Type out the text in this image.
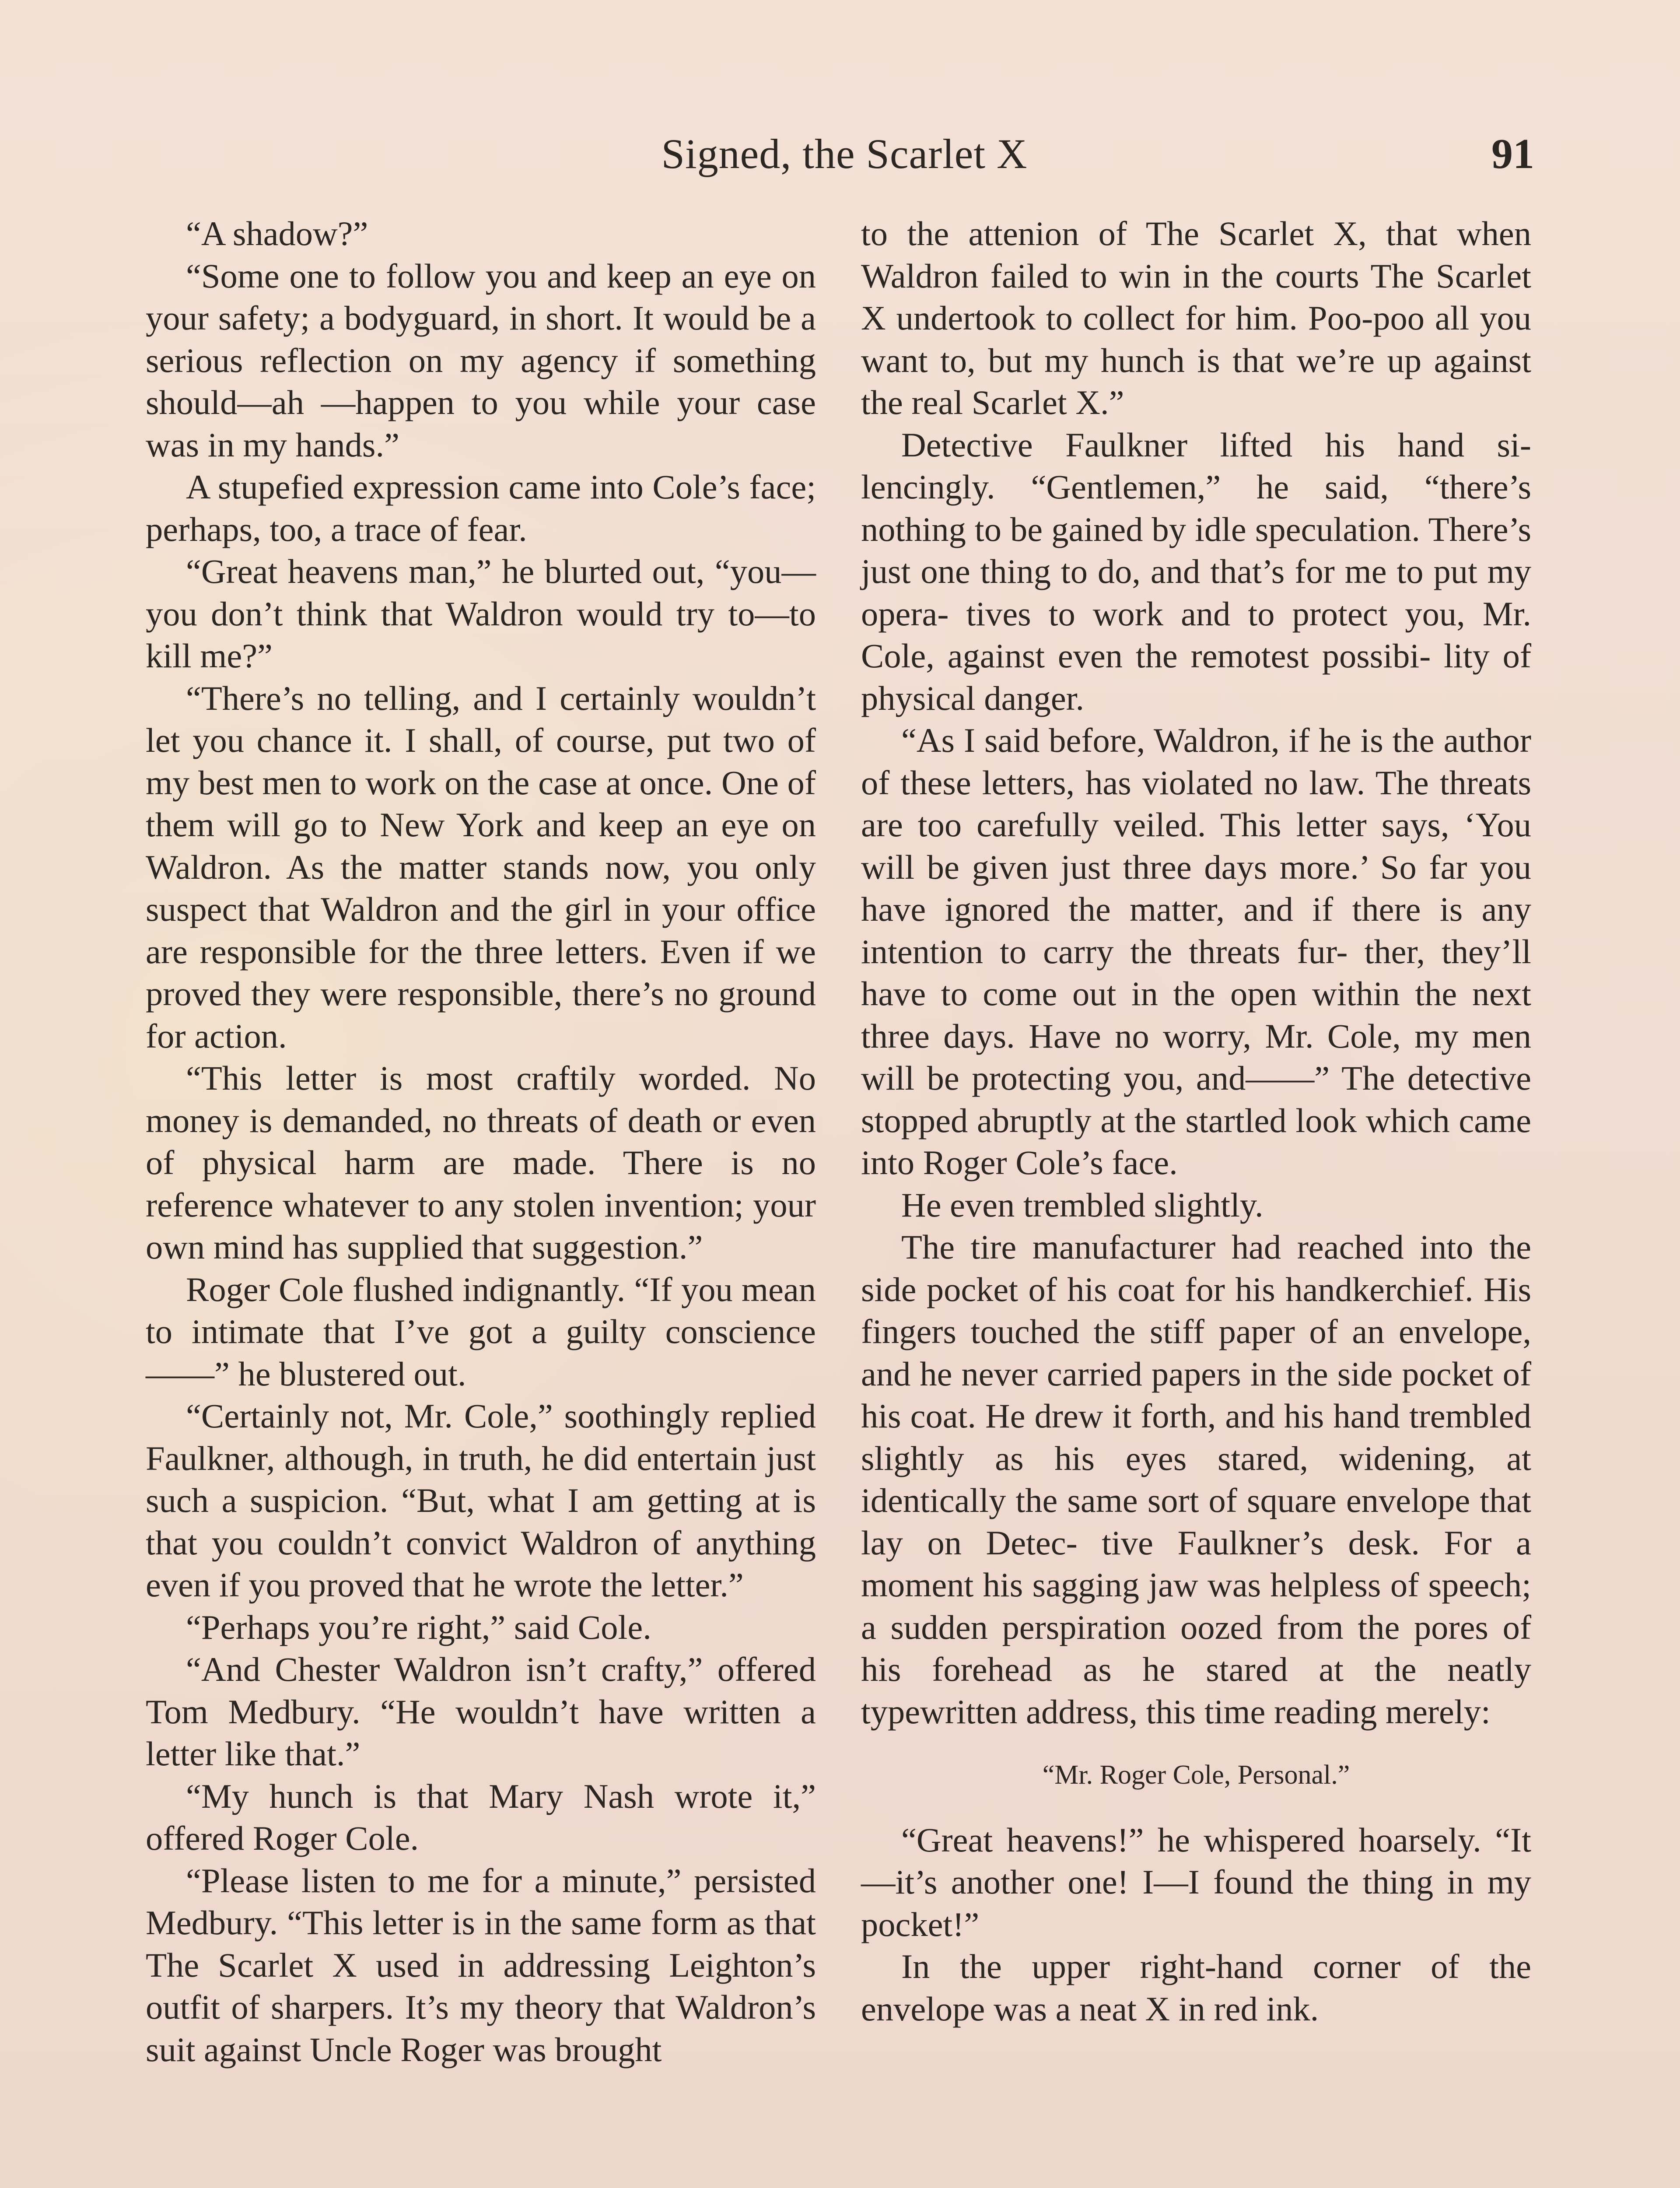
Signed, the Scarlet X	91

“A shadow?”

“Some one to follow you and keep an eye on your safety; a bodyguard, in short. It would be a serious reflection on my agency if something should—ah —happen to you while your case was in my hands.”

A stupefied expression came into Cole’s face; perhaps, too, a trace of fear.

“Great heavens man,” he blurted out, “you—you don’t think that Waldron would try to—to kill me?”

“There’s no telling, and I certainly wouldn’t let you chance it. I shall, of course, put two of my best men to work on the case at once. One of them will go to New York and keep an eye on Waldron. As the matter stands now, you only suspect that Waldron and the girl in your office are responsible for the three letters. Even if we proved they were responsible, there’s no ground for action.

“This letter is most craftily worded. No money is demanded, no threats of death or even of physical harm are made. There is no reference whatever to any stolen invention; your own mind has supplied that suggestion.”

Roger Cole flushed indignantly. “If you mean to intimate that I’ve got a guilty conscience——” he blustered out.

“Certainly not, Mr. Cole,” soothingly replied Faulkner, although, in truth, he did entertain just such a suspicion. “But, what I am getting at is that you couldn’t convict Waldron of anything even if you proved that he wrote the letter.”

“Perhaps you’re right,” said Cole.

“And Chester Waldron isn’t crafty,” offered Tom Medbury. “He wouldn’t have written a letter like that.”

“My hunch is that Mary Nash wrote it,” offered Roger Cole.

“Please listen to me for a minute,” persisted Medbury. “This letter is in the same form as that The Scarlet X used in addressing Leighton’s outfit of sharpers. It’s my theory that Waldron’s suit against Uncle Roger was brought

to the attenion of The Scarlet X, that when Waldron failed to win in the courts The Scarlet X undertook to collect for him. Poo-poo all you want to, but my hunch is that we’re up against the real Scarlet X.”

Detective Faulkner lifted his hand si- lencingly. “Gentlemen,” he said, “there’s nothing to be gained by idle speculation. There’s just one thing to do, and that’s for me to put my opera- tives to work and to protect you, Mr. Cole, against even the remotest possibi- lity of physical danger.

“As I said before, Waldron, if he is the author of these letters, has violated no law. The threats are too carefully veiled. This letter says, ‘You will be given just three days more.’ So far you have ignored the matter, and if there is any intention to carry the threats fur- ther, they’ll have to come out in the open within the next three days. Have no worry, Mr. Cole, my men will be protecting you, and——” The detective stopped abruptly at the startled look which came into Roger Cole’s face.

He even trembled slightly.

The tire manufacturer had reached into the side pocket of his coat for his handkerchief. His fingers touched the stiff paper of an envelope, and he never carried papers in the side pocket of his coat. He drew it forth, and his hand trembled slightly as his eyes stared, widening, at identically the same sort of square envelope that lay on Detec- tive Faulkner’s desk. For a moment his sagging jaw was helpless of speech; a sudden perspiration oozed from the pores of his forehead as he stared at the neatly typewritten address, this time reading merely:

“Mr. Roger Cole, Personal.”

“Great heavens!” he whispered hoarsely. “It—it’s another one! I—I found the thing in my pocket!”

In the upper right-hand corner of the envelope was a neat X in red ink.
